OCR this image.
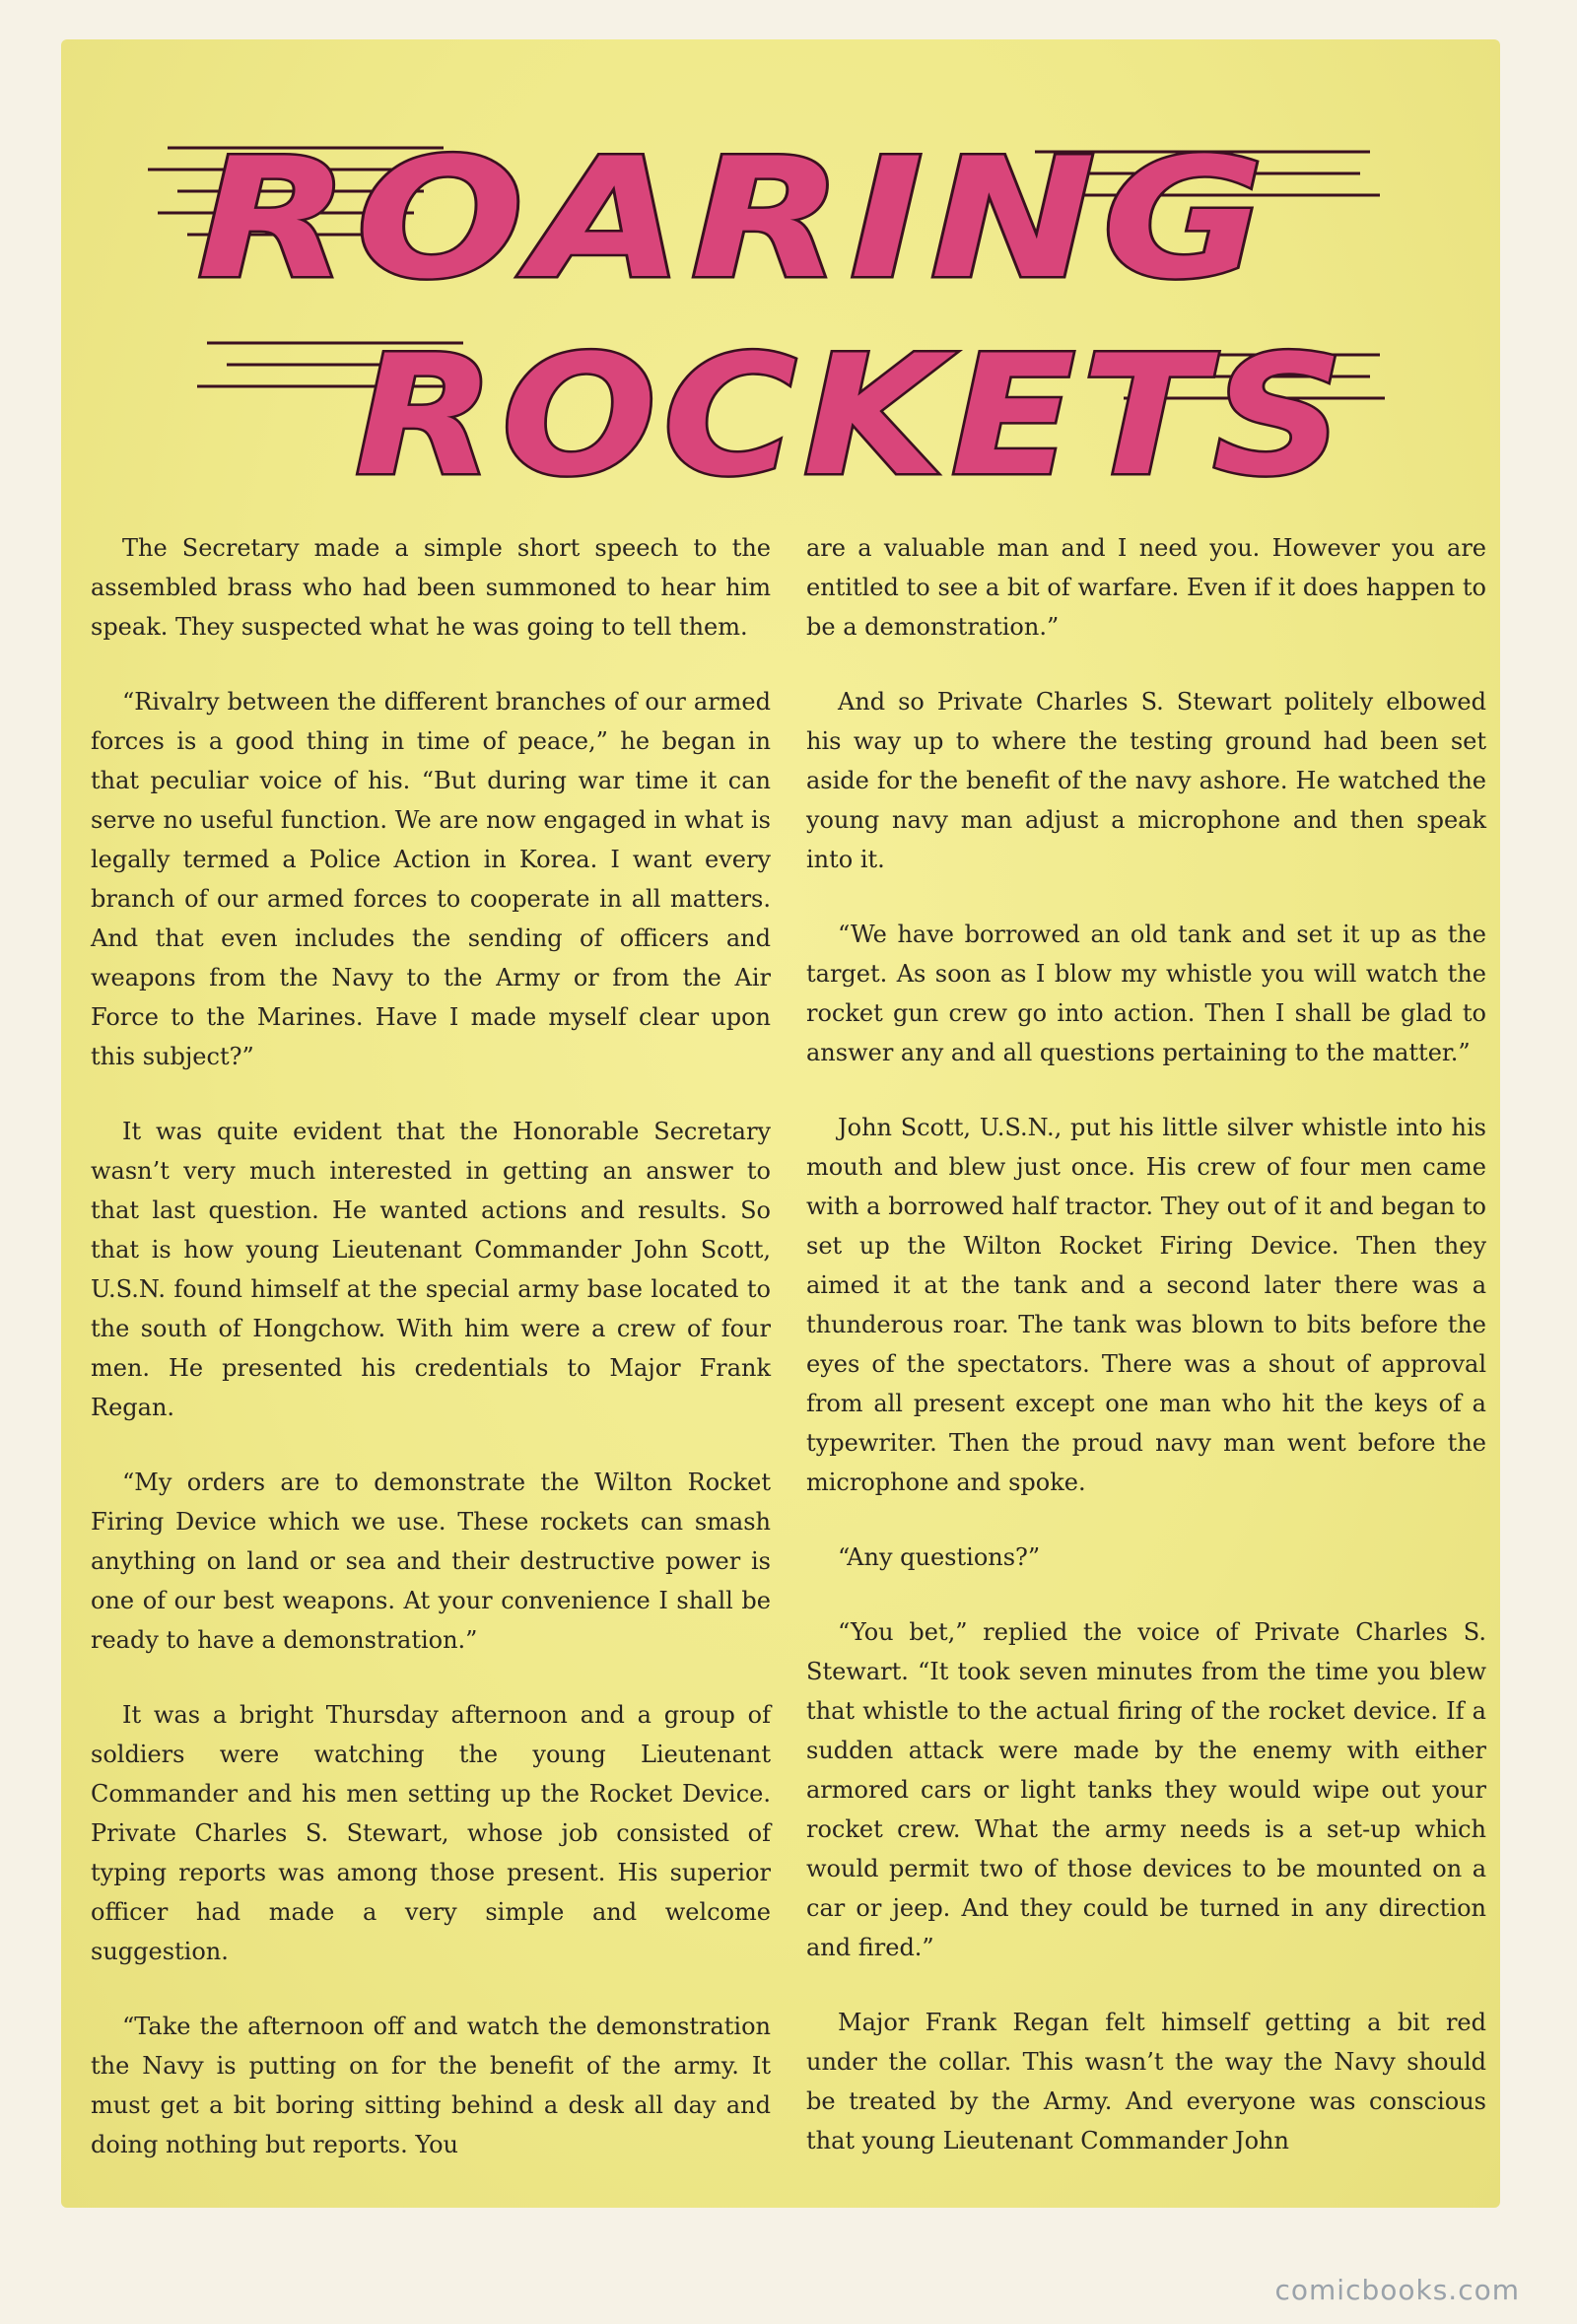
ROARING
ROCKETS

The Secretary made a simple short speech to the assembled brass who had been summoned to hear him speak. They suspected what he was going to tell them.

“Rivalry between the different branches of our armed forces is a good thing in time of peace,” he began in that peculiar voice of his. “But during war time it can serve no useful function. We are now engaged in what is legally termed a Police Action in Korea. I want every branch of our armed forces to cooperate in all matters. And that even includes the sending of officers and weapons from the Navy to the Army or from the Air Force to the Marines. Have I made myself clear upon this subject?”

It was quite evident that the Honorable Secretary wasn’t very much interested in getting an answer to that last question. He wanted actions and results. So that is how young Lieutenant Commander John Scott, U.S.N. found himself at the special army base located to the south of Hongchow. With him were a crew of four men. He presented his credentials to Major Frank Regan.

“My orders are to demonstrate the Wilton Rocket Firing Device which we use. These rockets can smash anything on land or sea and their destructive power is one of our best weapons. At your convenience I shall be ready to have a demonstration.”

It was a bright Thursday afternoon and a group of soldiers were watching the young Lieutenant Commander and his men setting up the Rocket Device. Private Charles S. Stewart, whose job consisted of typing reports was among those present. His superior officer had made a very simple and welcome suggestion.

“Take the afternoon off and watch the demonstration the Navy is putting on for the benefit of the army. It must get a bit boring sitting behind a desk all day and doing nothing but reports. You

are a valuable man and I need you. However you are entitled to see a bit of warfare. Even if it does happen to be a demonstration.”

And so Private Charles S. Stewart politely elbowed his way up to where the testing ground had been set aside for the benefit of the navy ashore. He watched the young navy man adjust a microphone and then speak into it.

“We have borrowed an old tank and set it up as the target. As soon as I blow my whistle you will watch the rocket gun crew go into action. Then I shall be glad to answer any and all questions pertaining to the matter.”

John Scott, U.S.N., put his little silver whistle into his mouth and blew just once. His crew of four men came with a borrowed half tractor. They out of it and began to set up the Wilton Rocket Firing Device. Then they aimed it at the tank and a second later there was a thunderous roar. The tank was blown to bits before the eyes of the spectators. There was a shout of approval from all present except one man who hit the keys of a typewriter. Then the proud navy man went before the microphone and spoke.

“Any questions?”

“You bet,” replied the voice of Private Charles S. Stewart. “It took seven minutes from the time you blew that whistle to the actual firing of the rocket device. If a sudden attack were made by the enemy with either armored cars or light tanks they would wipe out your rocket crew. What the army needs is a set-up which would permit two of those devices to be mounted on a car or jeep. And they could be turned in any direction and fired.”

Major Frank Regan felt himself getting a bit red under the collar. This wasn’t the way the Navy should be treated by the Army. And everyone was conscious that young Lieutenant Commander John

comicbooks.com
